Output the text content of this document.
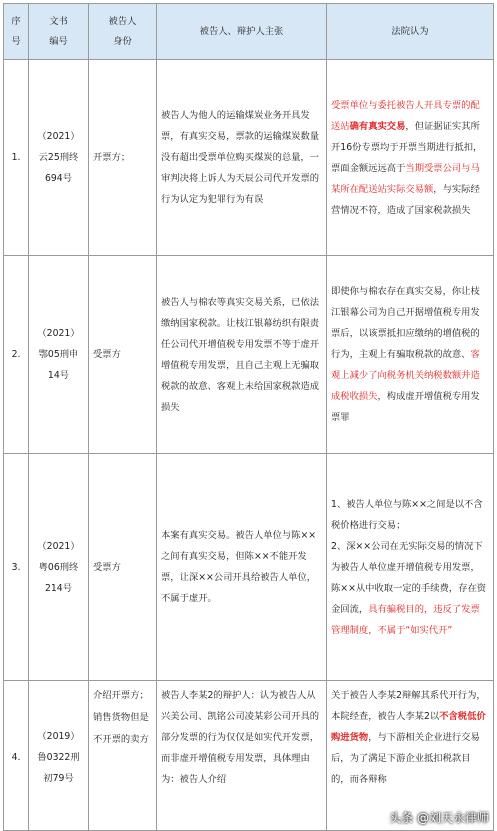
序
号	文书
编号	被告人
身份	被告人、辩护人主张	法院认为
1.	（2021）
云25刑终
694号	开票方；	被告人为他人的运输煤炭业务开具发票，有真实交易，票款的运输煤炭数量没有超出受票单位购买煤炭的总量，一审判决将上诉人为天辰公司代开发票的行为认定为犯罪行为有误	受票单位与委托被告人开具专票的配送站确有真实交易，但证据证实其所开16份专票均于开票当期进行抵扣，票面金额远远高于当期受票公司与马某所在配送站实际交易额，与实际经营情况不符，造成了国家税款损失
2.	（2021）
鄂05刑申
14号	受票方	被告人与棉农等真实交易关系，已依法缴纳国家税款。让枝江银幕纺织有限责任公司代开增值税专用发票不等于虚开增值税专用发票，且自己主观上无骗取税款的故意、客观上未给国家税款造成损失	即使你与棉农存在真实交易，你让枝江银幕公司为自己开据增值税专用发票后，以该票抵扣应缴纳的增值税的行为，主观上有骗取税款的故意、客观上减少了向税务机关纳税数额并造成税收损失，构成虚开增值税专用发票罪
3.	（2021）
粤06刑终
214号	受票方	本案有真实交易。被告人单位与陈××之间有真实交易，但陈××不能开发票，让深××公司开具给被告人单位，不属于虚开。	1、被告人单位与陈××之间是以不含税价格进行交易；
2、深××公司在无实际交易的情况下为被告人单位虚开增值税专用发票，陈××从中收取一定的手续费，存在资金回流，具有骗税目的，违反了发票管理制度，不属于“如实代开”
4.	（2019）
鲁0322刑
初79号	介绍开票方；
销售货物但是不开票的卖方	被告人李某2的辩护人：认为被告人从兴美公司、凯铭公司凌某彩公司开具的部分发票的行为仅仅是如实代开发票，而非虚开增值税专用发票，具体理由为：被告人介绍	关于被告人李某2辩解其系代开行为，本院经查，被告人李某2以不含税低价购进货物，与下游相关企业进行交易后，为了满足下游企业抵扣税款目的，而各辩称
头条 @刘天永律师
